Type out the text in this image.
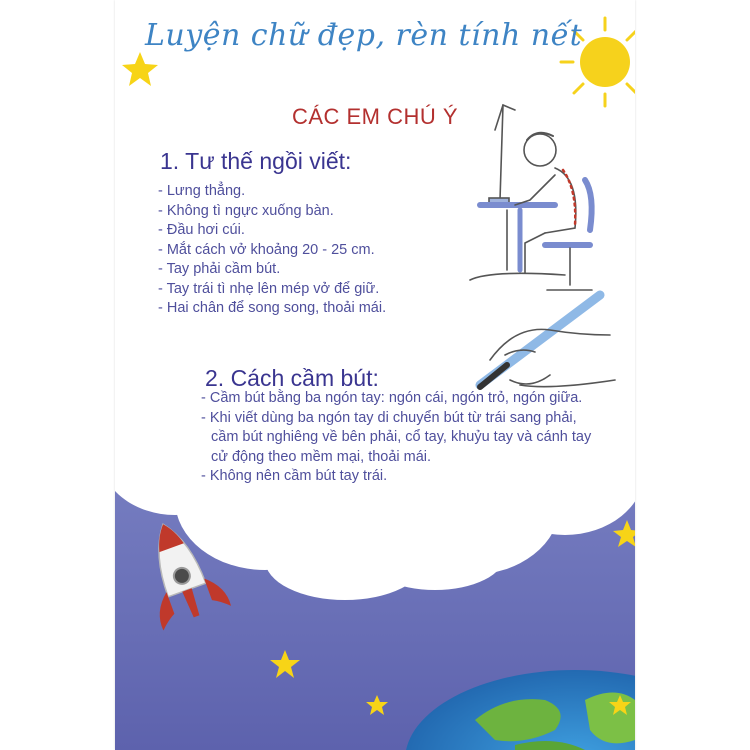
Luyện chữ đẹp, rèn tính nết
CÁC EM CHÚ Ý
1. Tư thế ngồi viết:
- Lưng thẳng.
- Không tì ngực xuống bàn.
- Đầu hơi cúi.
- Mắt cách vở khoảng 20 - 25 cm.
- Tay phải cầm bút.
- Tay trái tì nhẹ lên mép vở để giữ.
- Hai chân để song song, thoải mái.
2. Cách cầm bút:
- Cầm bút bằng ba ngón tay: ngón cái, ngón trỏ, ngón giữa.
- Khi viết dùng ba ngón tay di chuyển bút từ trái sang phải, cầm bút nghiêng về bên phải, cổ tay, khuỷu tay và cánh tay cử động theo mềm mại, thoải mái.
- Không nên cầm bút tay trái.
